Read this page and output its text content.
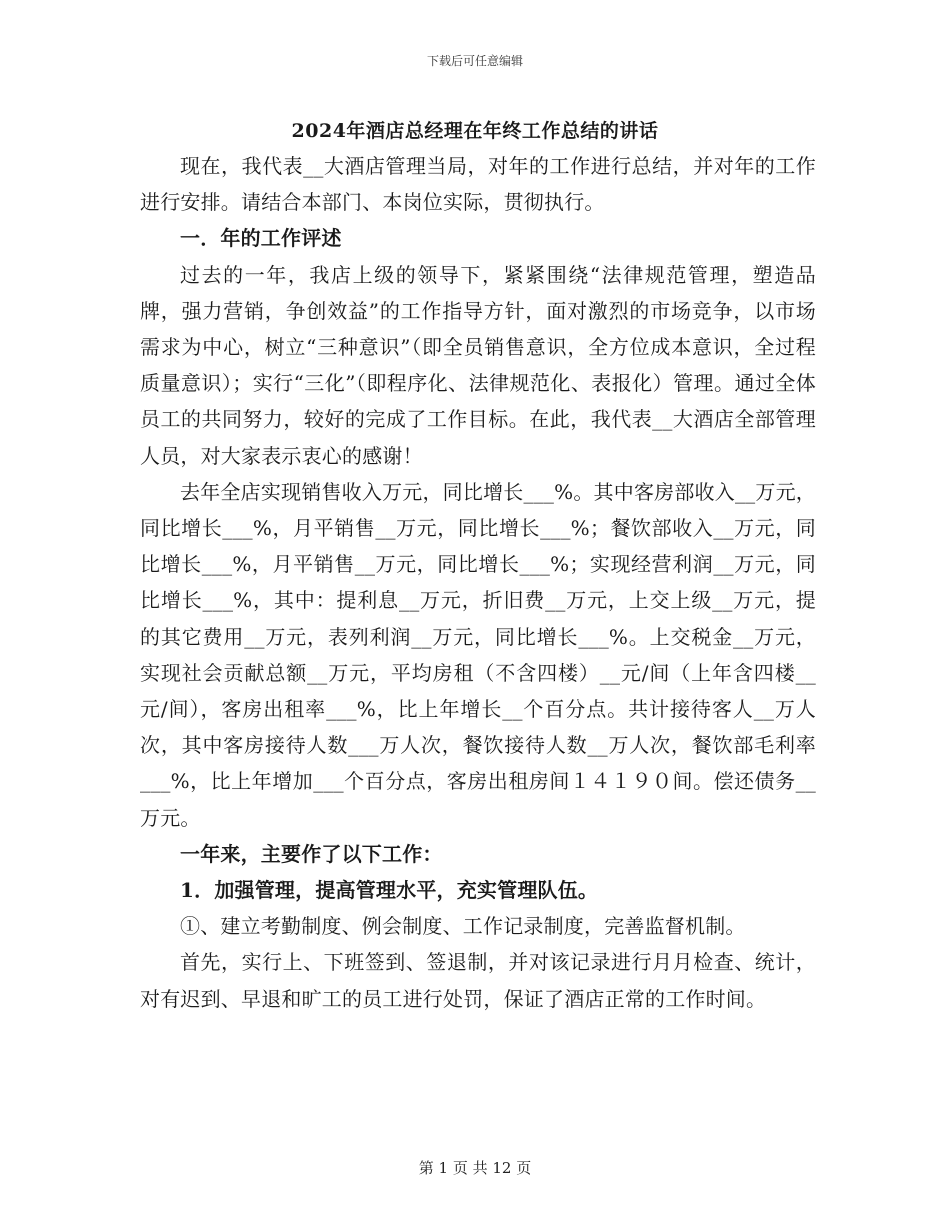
下载后可任意编辑
2024年酒店总经理在年终工作总结的讲话

现在，我代表__大酒店管理当局，对年的工作进行总结，并对年的工作进行安排。请结合本部门、本岗位实际，贯彻执行。

一．年的工作评述

过去的一年，我店上级的领导下，紧紧围绕“法律规范管理，塑造品牌，强力营销，争创效益”的工作指导方针，面对激烈的市场竞争，以市场需求为中心，树立“三种意识”（即全员销售意识，全方位成本意识，全过程质量意识）；实行“三化”（即程序化、法律规范化、表报化）管理。通过全体员工的共同努力，较好的完成了工作目标。在此，我代表__大酒店全部管理人员，对大家表示衷心的感谢！

去年全店实现销售收入万元，同比增长___%。其中客房部收入__万元，同比增长___%，月平销售__万元，同比增长___%；餐饮部收入__万元，同比增长___%，月平销售__万元，同比增长___%；实现经营利润__万元，同比增长___%，其中：提利息__万元，折旧费__万元，上交上级__万元，提的其它费用__万元，表列利润__万元，同比增长___%。上交税金__万元，实现社会贡献总额__万元，平均房租（不含四楼）__元/间（上年含四楼__元/间），客房出租率___%，比上年增长__个百分点。共计接待客人__万人次，其中客房接待人数___万人次，餐饮接待人数__万人次，餐饮部毛利率___%，比上年增加___个百分点，客房出租房间１４１９０间。偿还债务__万元。

一年来，主要作了以下工作：

1．加强管理，提高管理水平，充实管理队伍。

①、建立考勤制度、例会制度、工作记录制度，完善监督机制。

首先，实行上、下班签到、签退制，并对该记录进行月月检查、统计，对有迟到、早退和旷工的员工进行处罚，保证了酒店正常的工作时间。

第 1 页 共 12 页
